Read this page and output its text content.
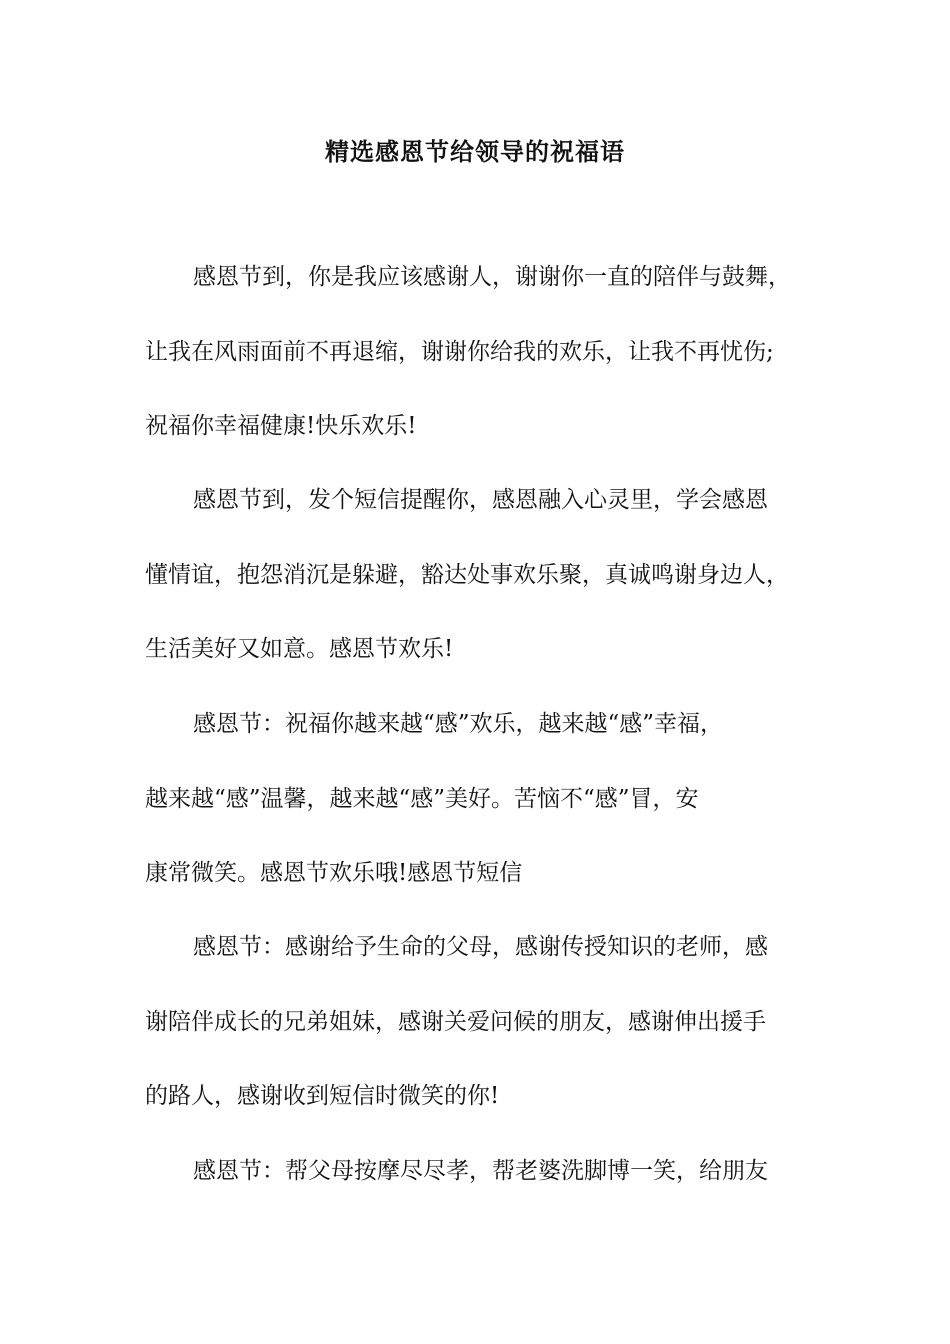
精选感恩节给领导的祝福语
感恩节到，你是我应该感谢人，谢谢你一直的陪伴与鼓舞，
让我在风雨面前不再退缩，谢谢你给我的欢乐，让我不再忧伤;
祝福你幸福健康!快乐欢乐!
感恩节到，发个短信提醒你，感恩融入心灵里，学会感恩
懂情谊，抱怨消沉是躲避，豁达处事欢乐聚，真诚鸣谢身边人，
生活美好又如意。感恩节欢乐!
感恩节：祝福你越来越“感”欢乐，越来越“感”幸福，
越来越“感”温馨，越来越“感”美好。苦恼不“感”冒，安
康常微笑。感恩节欢乐哦!感恩节短信
感恩节：感谢给予生命的父母，感谢传授知识的老师，感
谢陪伴成长的兄弟姐妹，感谢关爱问候的朋友，感谢伸出援手
的路人，感谢收到短信时微笑的你!
感恩节：帮父母按摩尽尽孝，帮老婆洗脚博一笑，给朋友
